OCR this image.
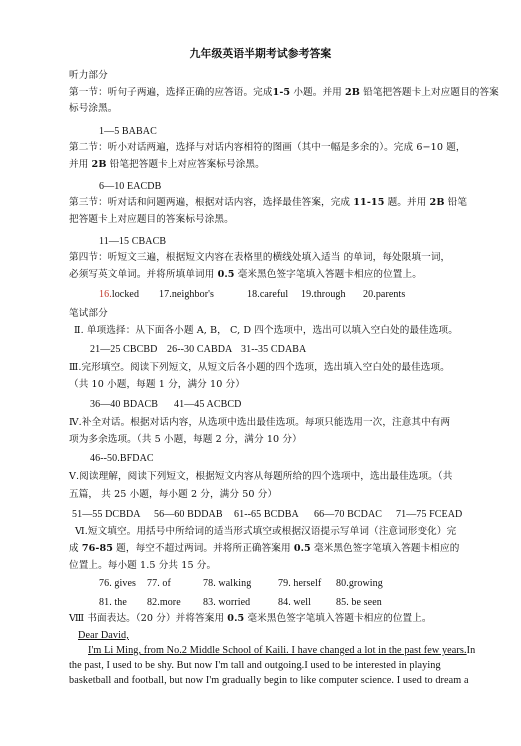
九年级英语半期考试参考答案
听力部分
第一节：听句子两遍，选择正确的应答语。完成1-5 小题。并用 2B 铅笔把答题卡上对应题目的答案
标号涂黑。
1—5 BABAC
第二节：听小对话两遍，选择与对话内容相符的图画（其中一幅是多余的）。完成 6−10 题，
并用 2B 铅笔把答题卡上对应答案标号涂黑。
6—10 EACDB
第三节：听对话和问题两遍，根据对话内容，选择最佳答案，完成 11-15 题。并用 2B 铅笔
把答题卡上对应题目的答案标号涂黑。
11—15 CBACB
第四节：听短文三遍，根据短文内容在表格里的横线处填入适当 的单词，每处限填一词，
必须写英文单词。并将所填单词用 0.5 毫米黑色签字笔填入答题卡相应的位置上。
16.locked 17.neighbor's	18.careful 19.through 20.parents
笔试部分
Ⅱ. 单项选择：从下面各小题 A, B， C, D 四个选项中，选出可以填入空白处的最佳选项。
21—25 CBCBD 26--30 CABDA 31--35 CDABA
Ⅲ.完形填空。阅读下列短文，从短文后各小题的四个选项，选出填入空白处的最佳选项。
（共 10 小题，每题 1 分，满分 10 分）
36—40 BDACB 41—45 ACBCD
Ⅳ.补全对话。根据对话内容，从选项中选出最佳选项。每项只能选用一次，注意其中有两
项为多余选项。（共 5 小题，每题 2 分，满分 10 分）
46--50.BFDAC
Ⅴ.阅读理解，阅读下列短文，根据短文内容从每题所给的四个选项中，选出最佳选项。（共
五篇， 共 25 小题，每小题 2 分，满分 50 分）
51—55 DCBDA 56—60 BDDAB 61--65 BCDBA 66—70 BCDAC 71—75 FCEAD
Ⅵ.短文填空。用括号中所给词的适当形式填空或根据汉语提示写单词（注意词形变化）完
成 76-85 题，每空不超过两词。并将所正确答案用 0.5 毫米黑色签字笔填入答题卡相应的
位置上。每小题 1.5 分共 15 分。
76. gives 77. of	78. walking	79. herself 80.growing
81. the 82.more 83. worried	84. well 85. be seen
Ⅷ 书面表达。（20 分）并将答案用 0.5 毫米黑色签字笔填入答题卡相应的位置上。
Dear David,
I'm Li Ming, from No.2 Middle School of Kaili. I have changed a lot in the past few years.In
the past, I used to be shy. But now I'm tall and outgoing.I used to be interested in playing
basketball and football, but now I'm gradually begin to like computer science. I used to dream a
